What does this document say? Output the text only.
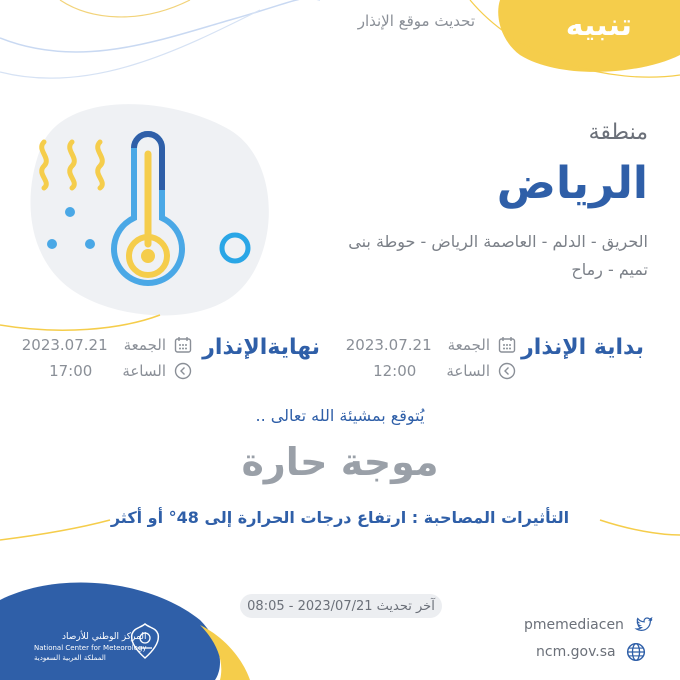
تحديث موقع الإنذار	تنبيه
منطقة
الرياض
الحريق - الدلم - العاصمة الرياض - حوطة بنى
تميم - رماح
بداية الإنذار
الجمعة
2023.07.21
الساعة
12:00
نهايةالإنذار
الجمعة
2023.07.21
الساعة
17:00
يُتوقع بمشيئة الله تعالى ..
موجة حارة
التأثيرات المصاحبة : ارتفاع درجات الحرارة إلى 48° أو أكثر
آخر تحديث 2023/07/21 - 08:05
pmemediacen
ncm.gov.sa
المركز الوطني للأرصاد
National Center for Meteorology
المملكة العربية السعودية
